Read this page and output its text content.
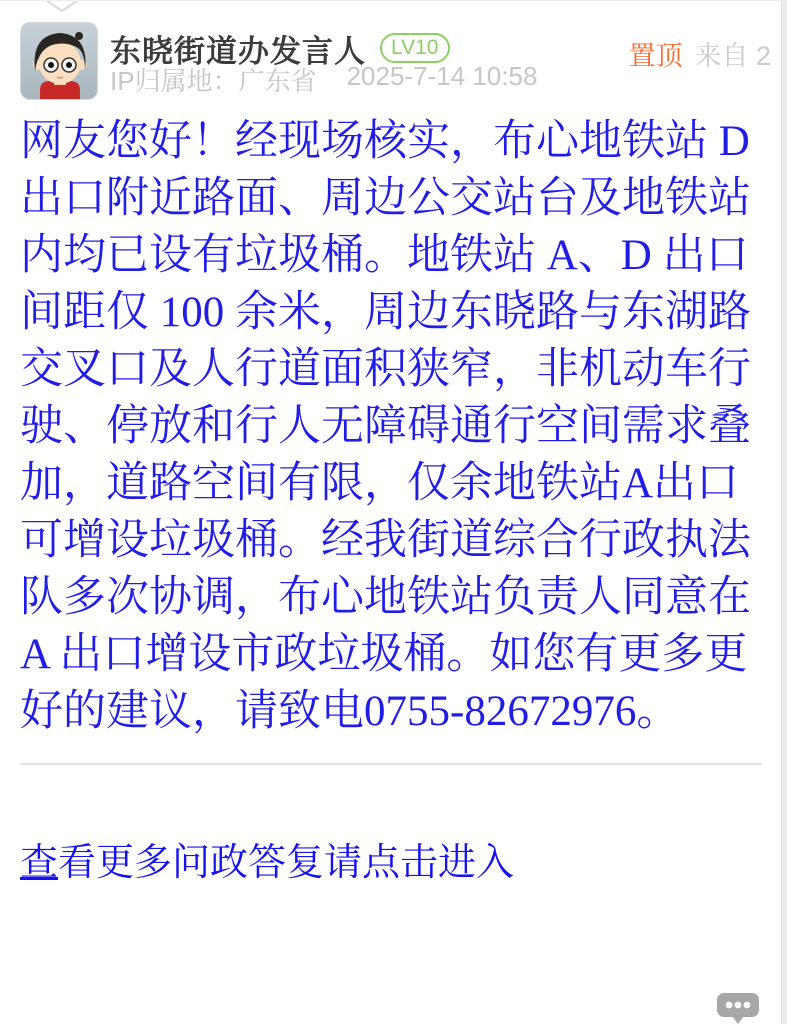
东晓街道办发言人	LV10
IP归属地：广东省 2025-7-14 10:58
置顶 来自 2
网友您好！经现场核实，布心地铁站 D 出口附近路面、周边公交站台及地铁站内均已设有垃圾桶。地铁站 A、D 出口间距仅 100 余米，周边东晓路与东湖路交叉口及人行道面积狭窄，非机动车行驶、停放和行人无障碍通行空间需求叠加，道路空间有限，仅余地铁站A出口可增设垃圾桶。经我街道综合行政执法队多次协调，布心地铁站负责人同意在 A 出口增设市政垃圾桶。如您有更多更好的建议，请致电0755-82672976。
查看更多问政答复请点击进入
